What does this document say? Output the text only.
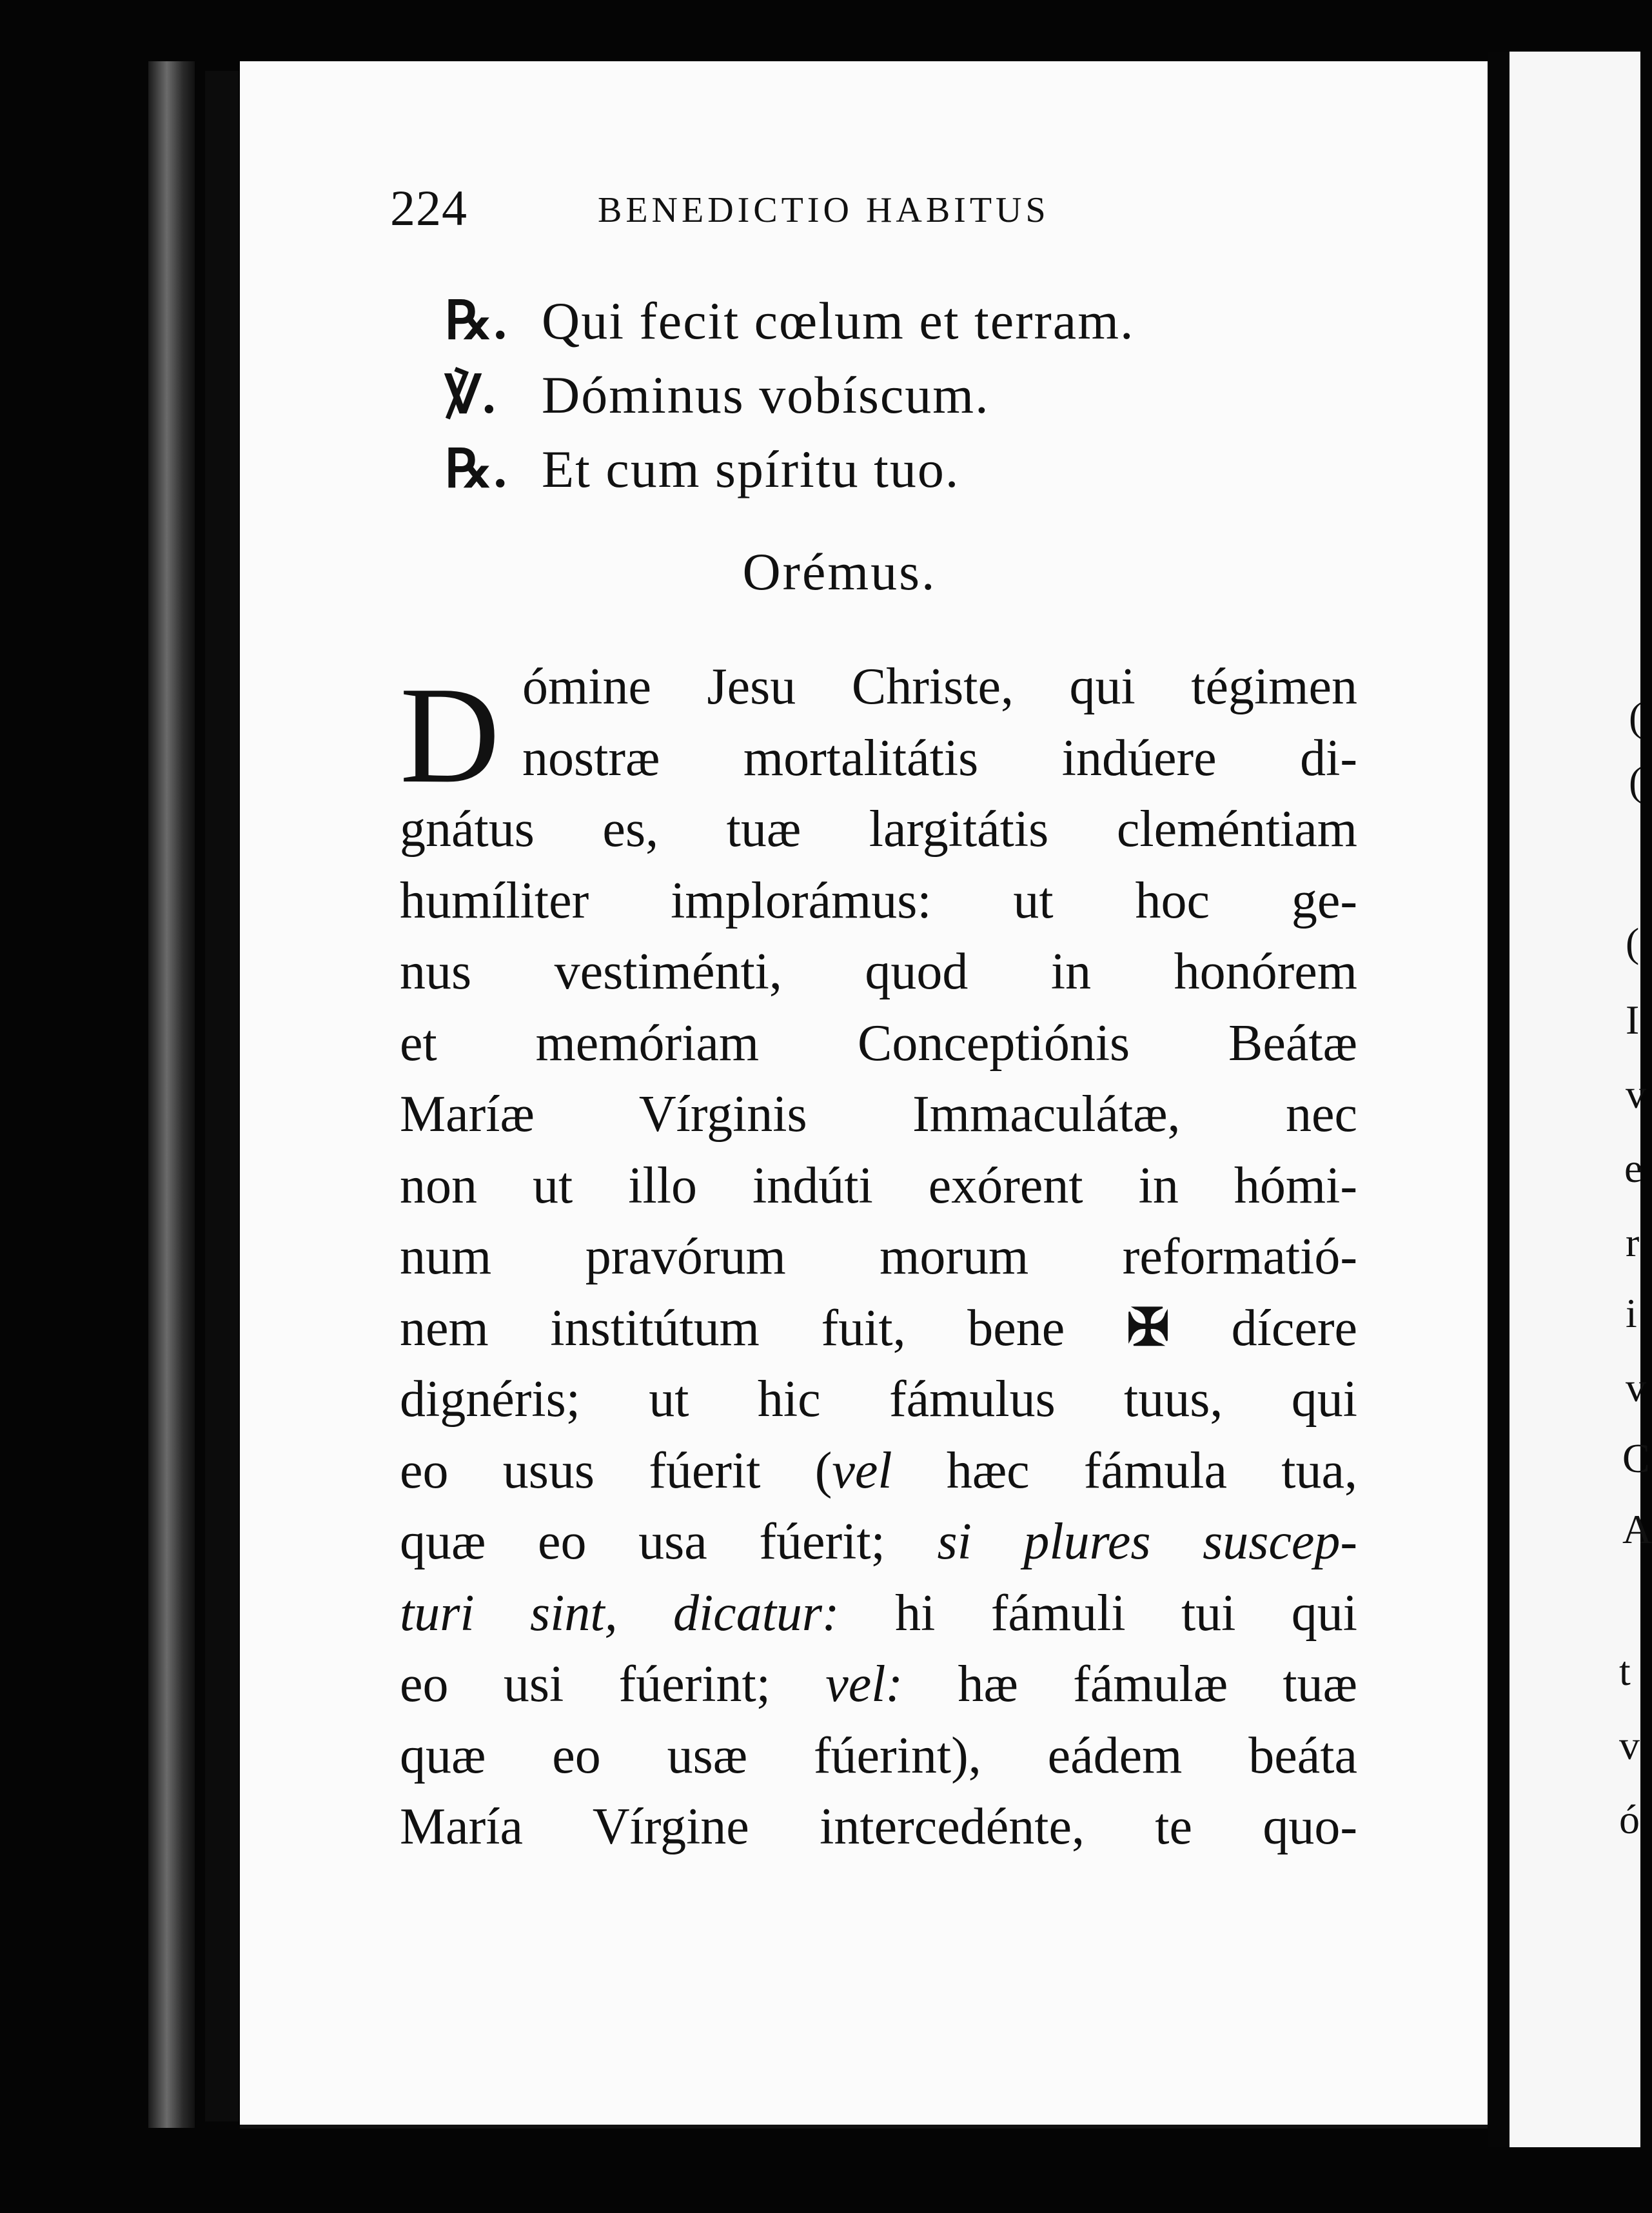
(
(
(
I
v
e
r
i
v
C
A
t
v
ó
224	BENEDICTIO HABITUS
℞. Qui fecit cœlum et terram.
℣. Dóminus vobíscum.
℞. Et cum spíritu tuo.
Orémus.
D ómine Jesu Christe, qui tégimen
nostræ mortalitátis indúere di-
gnátus es, tuæ largitátis cleméntiam
humíliter implorámus: ut hoc ge-
nus vestiménti, quod in honórem
et memóriam Conceptiónis Beátæ
Maríæ Vírginis Immaculátæ, nec
non ut illo indúti exórent in hómi-
num pravórum morum reformatió-
nem institútum fuit, bene ✠ dícere
dignéris; ut hic fámulus tuus, qui
eo usus fúerit (vel hæc fámula tua,
quæ eo usa fúerit; si plures suscep-
turi sint, dicatur: hi fámuli tui qui
eo usi fúerint; vel: hæ fámulæ tuæ
quæ eo usæ fúerint), eádem beáta
María Vírgine intercedénte, te quo-
